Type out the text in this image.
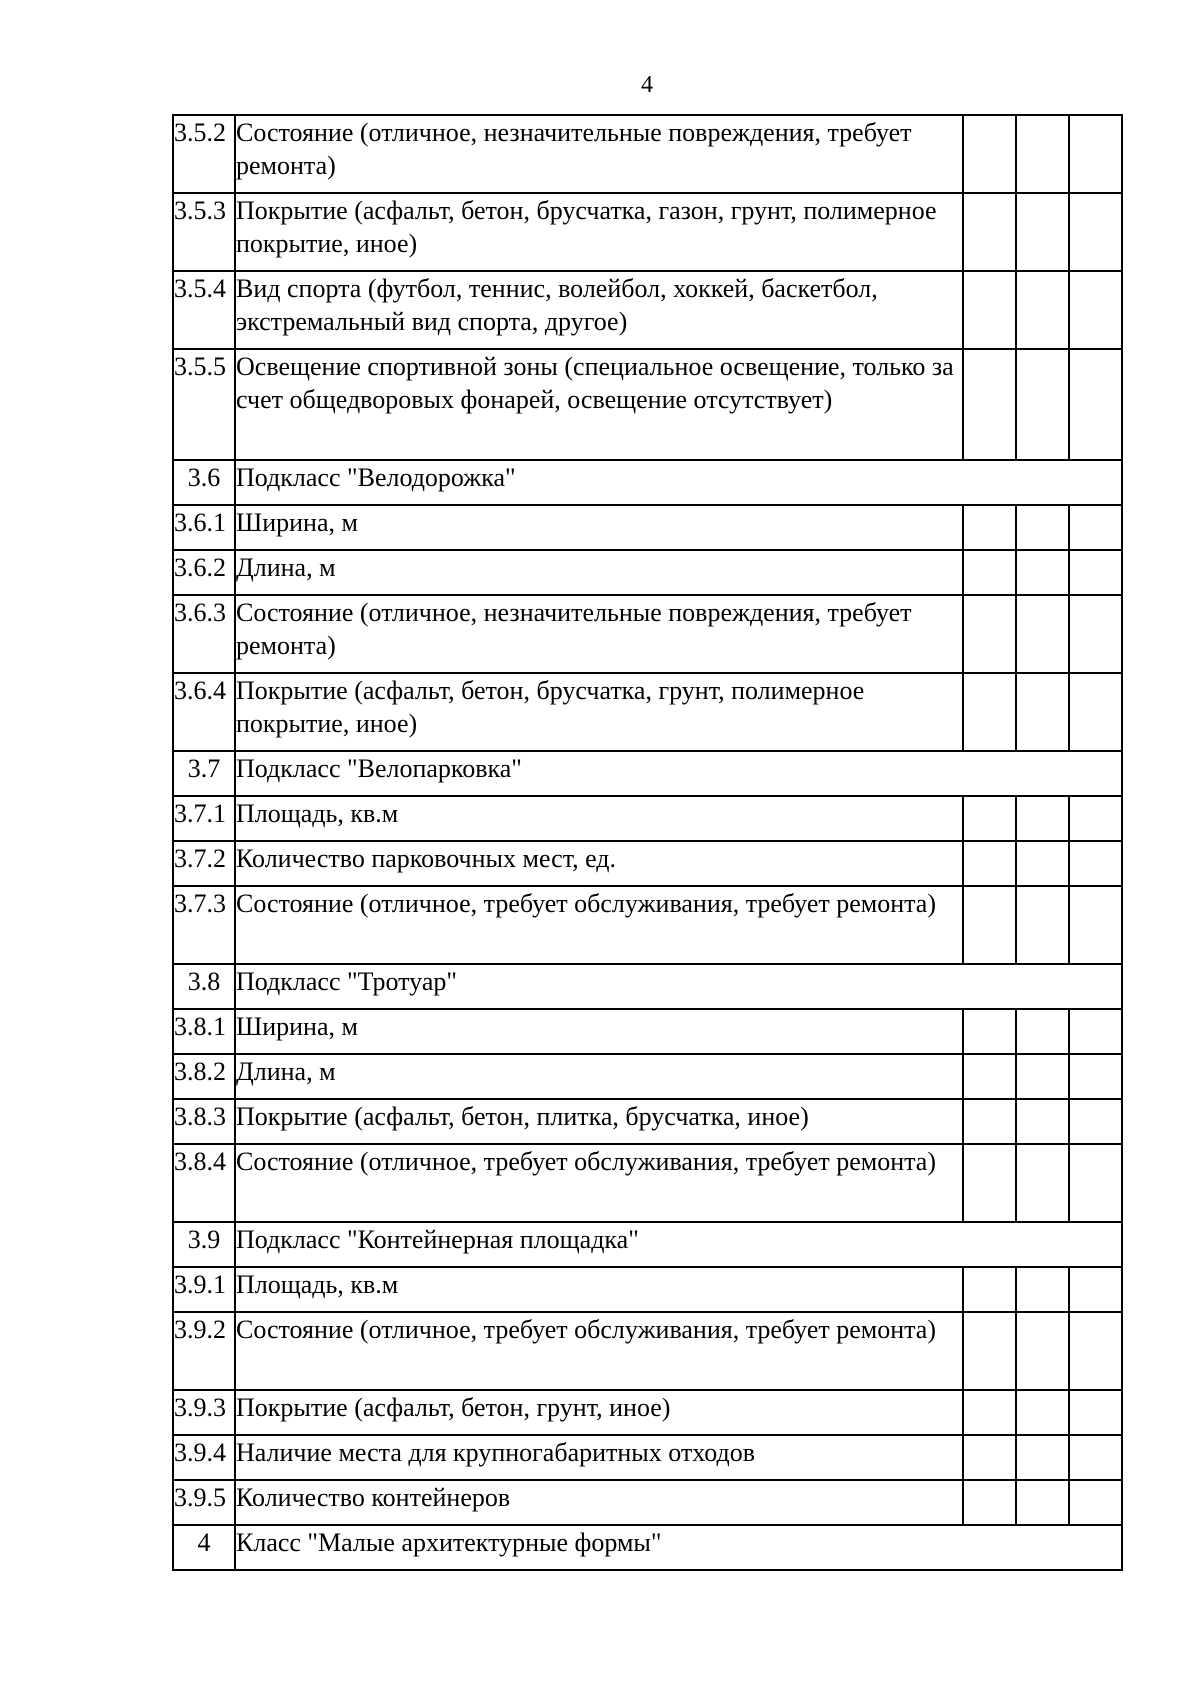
4
3.5.2	Состояние (отличное, незначительные повреждения, требует ремонта)			
3.5.3	Покрытие (асфальт, бетон, брусчатка, газон, грунт, полимерное покрытие, иное)			
3.5.4	Вид спорта (футбол, теннис, волейбол, хоккей, баскетбол, экстремальный вид спорта, другое)			
3.5.5	Освещение спортивной зоны (специальное освещение, только за счет общедворовых фонарей, освещение отсутствует)			
3.6	Подкласс "Велодорожка"			
3.6.1	Ширина, м			
3.6.2	Длина, м			
3.6.3	Состояние (отличное, незначительные повреждения, требует ремонта)			
3.6.4	Покрытие (асфальт, бетон, брусчатка, грунт, полимерное покрытие, иное)			
3.7	Подкласс "Велопарковка"			
3.7.1	Площадь, кв.м			
3.7.2	Количество парковочных мест, ед.			
3.7.3	Состояние (отличное, требует обслуживания, требует ремонта)			
3.8	Подкласс "Тротуар"			
3.8.1	Ширина, м			
3.8.2	Длина, м			
3.8.3	Покрытие (асфальт, бетон, плитка, брусчатка, иное)			
3.8.4	Состояние (отличное, требует обслуживания, требует ремонта)			
3.9	Подкласс "Контейнерная площадка"			
3.9.1	Площадь, кв.м			
3.9.2	Состояние (отличное, требует обслуживания, требует ремонта)			
3.9.3	Покрытие (асфальт, бетон, грунт, иное)			
3.9.4	Наличие места для крупногабаритных отходов			
3.9.5	Количество контейнеров			
4	Класс "Малые архитектурные формы"			
